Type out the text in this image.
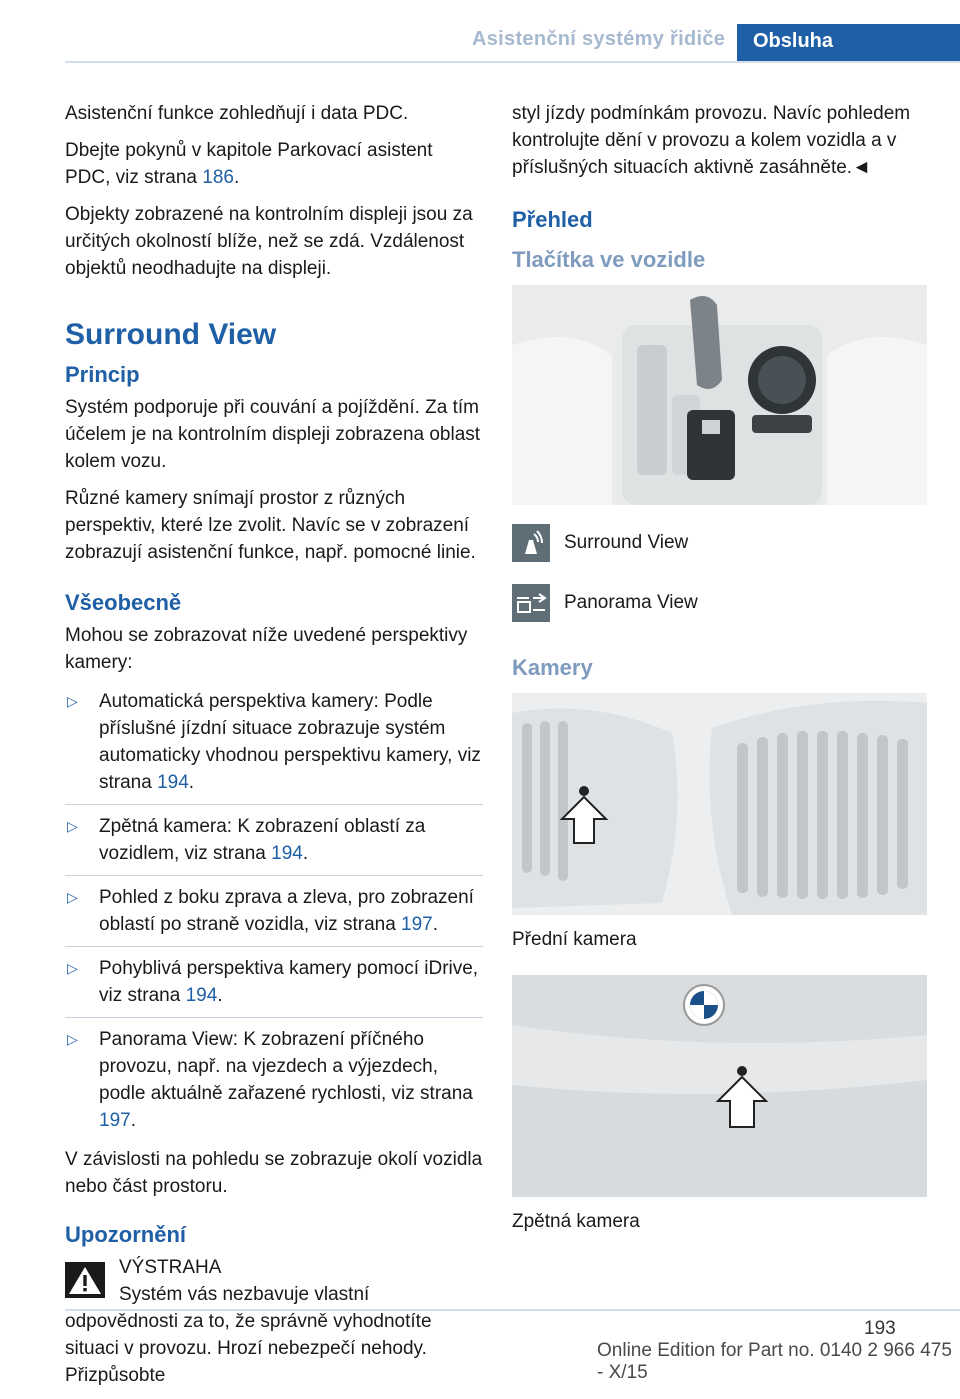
Asistenční systémy řidiče	Obsluha

Asistenční funkce zohledňují i data PDC.

Dbejte pokynů v kapitole Parkovací asistent PDC, viz strana 186.

Objekty zobrazené na kontrolním displeji jsou za určitých okolností blíže, než se zdá. Vzdálenost objektů neodhadujte na displeji.

Surround View
Princip

Systém podporuje při couvání a pojíždění. Za tím účelem je na kontrolním displeji zobrazena oblast kolem vozu.

Různé kamery snímají prostor z různých perspektiv, které lze zvolit. Navíc se v zobrazení zobrazují asistenční funkce, např. pomocné linie.

Všeobecně

Mohou se zobrazovat níže uvedené perspektivy kamery:

▷ Automatická perspektiva kamery: Podle příslušné jízdní situace zobrazuje systém automaticky vhodnou perspektivu kamery, viz strana 194.
▷ Zpětná kamera: K zobrazení oblastí za vozidlem, viz strana 194.
▷ Pohled z boku zprava a zleva, pro zobrazení oblastí po straně vozidla, viz strana 197.
▷ Pohyblivá perspektiva kamery pomocí iDrive, viz strana 194.
▷ Panorama View: K zobrazení příčného provozu, např. na vjezdech a výjezdech, podle aktuálně zařazené rychlosti, viz strana 197.

V závislosti na pohledu se zobrazuje okolí vozidla nebo část prostoru.

Upozornění
VÝSTRAHA

Systém vás nezbavuje vlastní odpovědnosti za to, že správně vyhodnotíte situaci v provozu. Hrozí nebezpečí nehody. Přizpůsobte

styl jízdy podmínkám provozu. Navíc pohledem kontrolujte dění v provozu a kolem vozidla a v příslušných situacích aktivně zasáhněte.◄

Přehled
Tlačítka ve vozidle
Surround View
Panorama View
Kamery
Přední kamera
Zpětná kamera
193
Online Edition for Part no. 0140 2 966 475 - X/15
